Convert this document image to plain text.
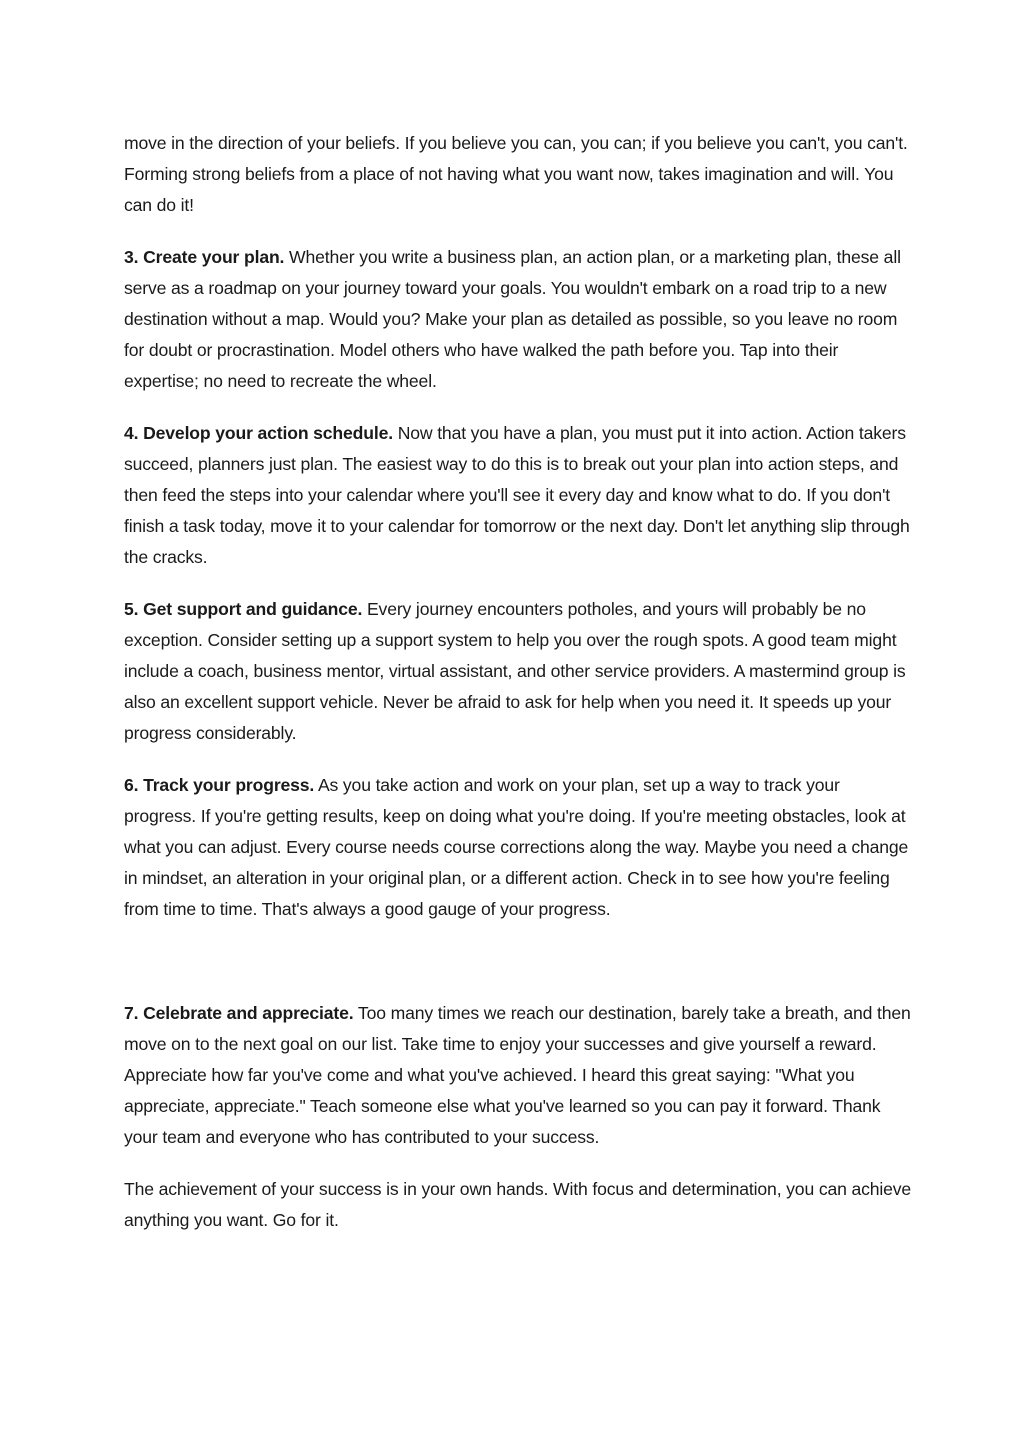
move in the direction of your beliefs. If you believe you can, you can; if you believe you can't, you can't. Forming strong beliefs from a place of not having what you want now, takes imagination and will. You can do it!

3. Create your plan. Whether you write a business plan, an action plan, or a marketing plan, these all serve as a roadmap on your journey toward your goals. You wouldn't embark on a road trip to a new destination without a map. Would you? Make your plan as detailed as possible, so you leave no room for doubt or procrastination. Model others who have walked the path before you. Tap into their expertise; no need to recreate the wheel.

4. Develop your action schedule. Now that you have a plan, you must put it into action. Action takers succeed, planners just plan. The easiest way to do this is to break out your plan into action steps, and then feed the steps into your calendar where you'll see it every day and know what to do. If you don't finish a task today, move it to your calendar for tomorrow or the next day. Don't let anything slip through the cracks.

5. Get support and guidance. Every journey encounters potholes, and yours will probably be no exception. Consider setting up a support system to help you over the rough spots. A good team might include a coach, business mentor, virtual assistant, and other service providers. A mastermind group is also an excellent support vehicle. Never be afraid to ask for help when you need it. It speeds up your progress considerably.

6. Track your progress. As you take action and work on your plan, set up a way to track your progress. If you're getting results, keep on doing what you're doing. If you're meeting obstacles, look at what you can adjust. Every course needs course corrections along the way. Maybe you need a change in mindset, an alteration in your original plan, or a different action. Check in to see how you're feeling from time to time. That's always a good gauge of your progress.

7. Celebrate and appreciate. Too many times we reach our destination, barely take a breath, and then move on to the next goal on our list. Take time to enjoy your successes and give yourself a reward. Appreciate how far you've come and what you've achieved. I heard this great saying: "What you appreciate, appreciate." Teach someone else what you've learned so you can pay it forward. Thank your team and everyone who has contributed to your success.

The achievement of your success is in your own hands. With focus and determination, you can achieve anything you want. Go for it.
